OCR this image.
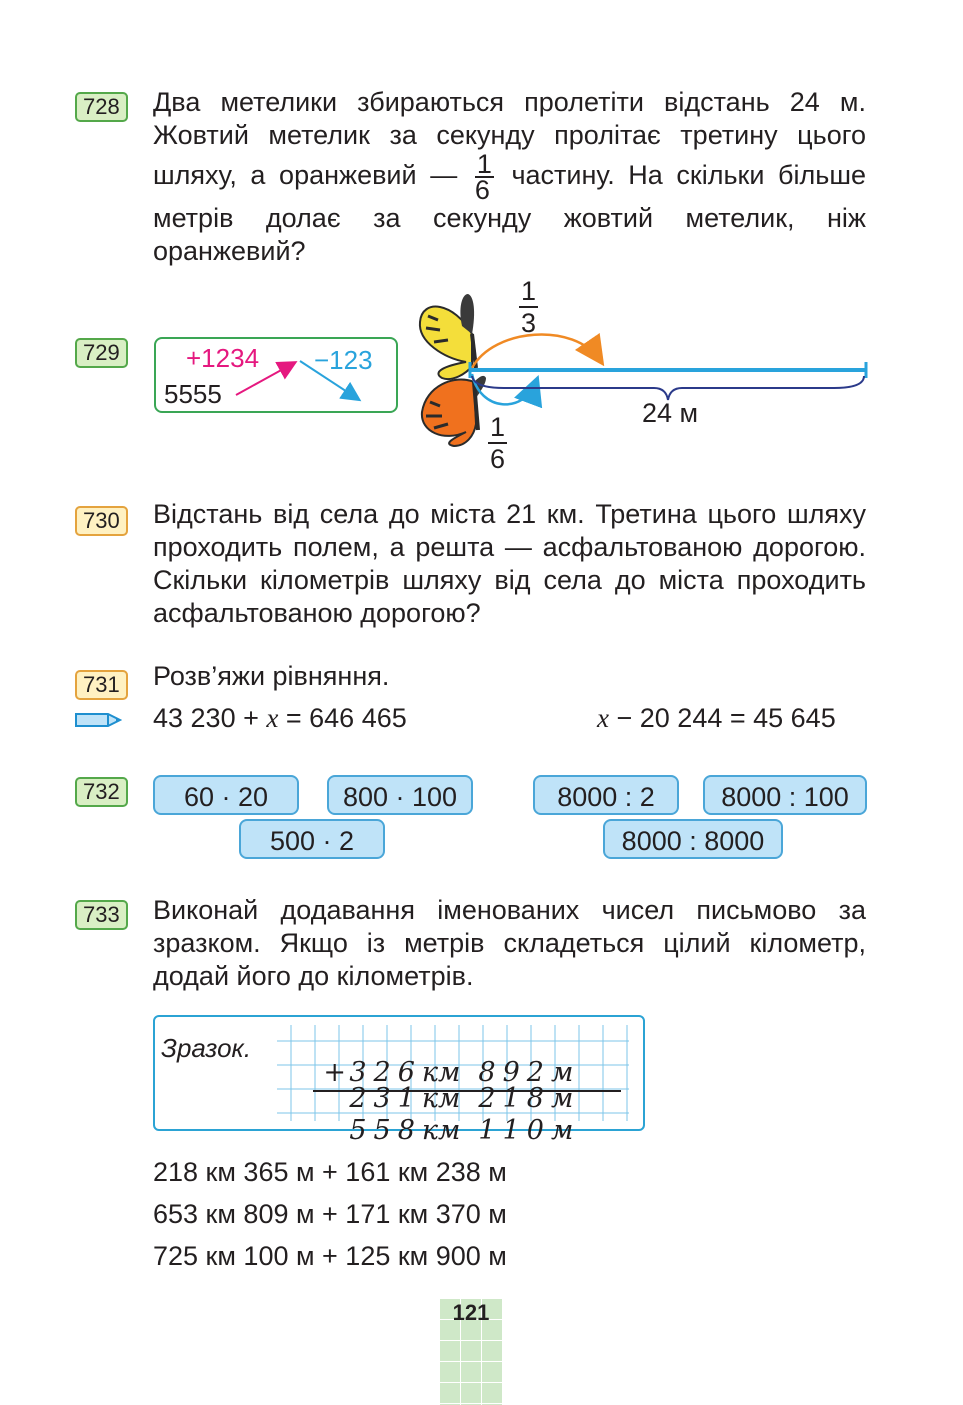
728 Два метелики збираються пролетіти відстань 24 м. Жовтий метелик за секунду пролітає третину цього шляху, а оранжевий — $\frac{1}{6}$ частину. На скільки більше метрів долає за секунду жовтий метелик, ніж оранжевий?
729	+1234 −123
5555
$\frac{1}{3}$
$\frac{1}{6}$	24 м
730 Відстань від села до міста 21 км. Третина цього шляху проходить полем, а решта — асфальтованою дорогою. Скільки кілометрів шляху від села до міста проходить асфальтованою дорогою?
731 Розв’яжи рівняння.
43 230 + x = 646 465	x − 20 244 = 45 645
732	60 · 20	800 · 100
500 · 2
8000 : 2	8000 : 100
8000 : 8000
733 Виконай додавання іменованих чисел письмово за зразком. Якщо із метрів складеться цілий кілометр, додай його до кілометрів.
Зразок.

+ 326км 892м

231км 218м

558км 110м

218 км 365 м + 161 км 238 м
653 км 809 м + 171 км 370 м
725 км 100 м + 125 км 900 м
121
